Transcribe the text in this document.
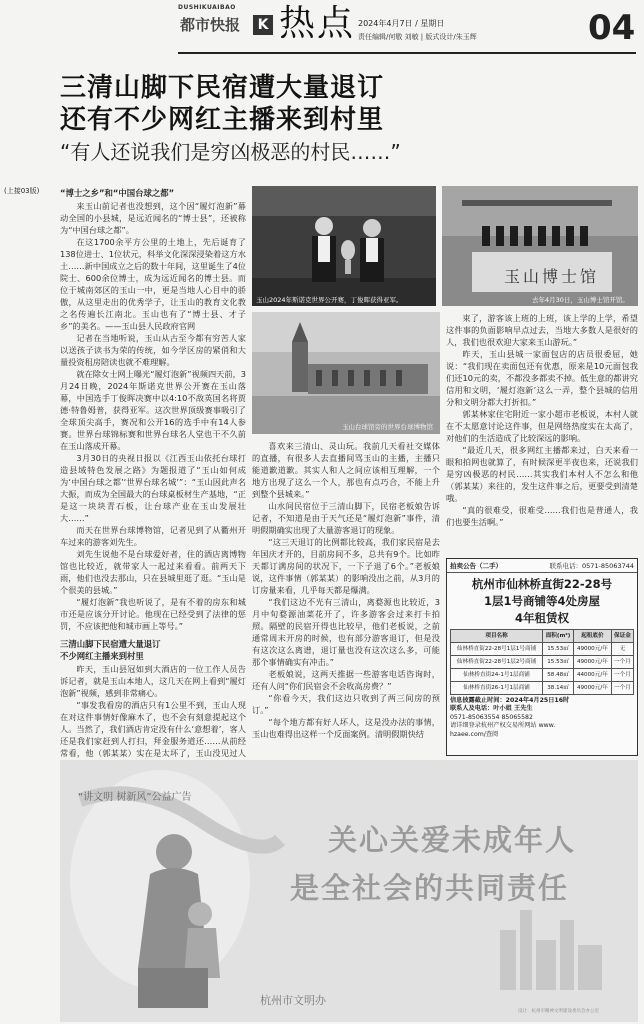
DUSHIKUAIBAO
都市快报	K 热点 2024年4月7日 / 星期日
责任编辑/何敬 刘敏 | 版式设计/朱玉辉	04
三清山脚下民宿遭大量退订
还有不少网红主播来到村里
“有人还说我们是穷凶极恶的村民……”
(上接03版) “博士之乡”和“中国台球之都”

来玉山前记者也没想到，这个因“履灯泡新”幕动全国的小县城，是远近闻名的“博士县”，还被称为“中国台球之都”。

在这1700余平方公里的土地上，先后诞育了138位进士、1位状元，科举文化深深浸染着这方水土……新中国成立之后的数十年间，这里诞生了4位院士、600余位博士，成为远近闻名的博士县。而位于城南郊区的玉山一中，更是当地人心目中的骄傲，从这里走出的优秀学子，让玉山的教育文化教之名传遍长江南北。玉山也有了“博士县、才子乡”的美名。——玉山县人民政府官网

记者在当地听说，玉山从古至今都有穷苦人家以送孩子读书为荣的传统，如今学区房的紧俏和大量投资租房陪读也就不难理解。

就在除女士网上曝光“履灯泡新”视频四天前，3月24日晚，2024年斯诺克世界公开赛在玉山落幕，中国选手丁俊晖决赛中以4:10不敌英国名将贾德·特鲁姆普，获得亚军。这次世界顶级赛事吸引了全球顶尖高手，赛况和公开16的选手中有14人参赛。世界台球锦标赛和世界台球名人堂也干不久前在玉山落成开幕。

3月30日的央视日报以《江西玉山依托台球打造县域特色发展之路》为题报道了“玉山如何成为‘中国台球之都’‘世界台球名城’”：“玉山因此声名大振，而成为全国最大的台球桌板材生产基地，“正是这一块块青石板，让台球产业在玉山发展壮大……”

而天在世界台球博物馆，记者见到了从衢州开车过来的游客刘先生。

刘先生说他不是台球爱好者，住的酒店离博物馆也比较近，就带家人一起过来看看。前两天下雨，他们也没去那山，只在县城里逛了逛。“玉山是个很美的县城。”

“履灯泡新”我也听说了，是有不着的房东和城市还是应该分开讨论。他现在已经受到了法律的惩罚，不应该把他和城市画上等号。”

三清山脚下民宿遭大量退订
不少网红主播来到村里

昨天，玉山县冠如到大酒店的一位工作人员告诉记者，就是玉山本地人，这几天在网上看到“履灯泡新”视频，感到非常痛心。

“事发我看房的酒店只有1公里不到，玉山人现在对这件事情好像麻木了，也不会有刻意提起这个人。当然了，我们酒店肯定没有什么‘意想着’，客人还是我们家赶到人打扫，拜金服务道还……从前经常看，他（郭某某）实在是太坏了，玉山没见过人

玉山2024年斯诺克世界公开赛，丁俊晖获得亚军。
玉山博士馆
去年4月30日，玉山博士馆开馆。
玉山台球馆旁的世界台球博物馆

喜欢来三清山、灵山玩。我前几天看社交媒体的直播，有很多人去直播间骂玉山的主播，主播只能道歉道歉。其实人和人之间应该相互理解，一个地方出现了这么一个人，那也有点巧合，不能上升到整个县城来。”

山水间民宿位于三清山脚下，民宿老板娘告诉记者，不知道是由于天气还是“履灯泡新”事件，清明假期确实出现了大量游客退订的现象。

“这三天退订的比例都比较高，我们家民宿是去年国庆才开的，目前房间不多，总共有9个。比如昨天都订满房间的状况下，一下子退了6个。”老板娘说，这件事情（郭某某）的影响没出之前，从3月的订房量来看，几乎每天都是爆满。

“我们这边不光有三清山，离婺源也比较近，3月中旬婺源油菜花开了，许多游客会过来打卡拍照。隔壁的民宿开得也比较早，他们老板说，之前通常周末开房的时候，也有部分游客退订，但是没有这次这么离谱，退订量也没有这次这么多，可能那个事情确实有冲击。”

老板娘说，这两天推据一些游客电话咨询时，还有人问“你们民宿会不会收高房费？”

“你看今天，我们这边只收到了两三间房的预订。”

“每个地方都有好人坏人，这是没办法的事情，玉山也难得出这样一个反面案例。清明假期快结

束了，游客该上班的上班，该上学的上学，希望这件事的负面影响早点过去，当地大多数人是很好的人，我们也很欢迎大家来玉山游玩。”

昨天，玉山县城一家面包店的店员很委屈，她说：“我们现在卖面包还有优惠，原来是10元面包我们还10元的卖，不都没多都卖不掉。低生意的都讲究信用和文明，‘履灯泡新’这么一弄，整个县城的信用分和文明分都大打折扣。”

郭某林家住宅附近一家小超市老板说，本村人就在不太愿意讨论这件事，但是网络热度实在太高了，对他们的生活造成了比较深远的影响。

“最近几天，很多网红主播都来过，白天来看一眼和拍网也就算了，有时候深更半夜也来，还说我们是穷凶极恶的村民……其实我们本村人不怎么和他（郭某某）来往的，发生这件事之后，更要受到清楚哦。

“真的很难受，很难受……我们也是普通人，我们也要生活啊。”

拍卖公告（二手）	联系电话：0571-85063744
杭州市仙林桥直街22-28号
1层1号商铺等4处房屋
4年租赁权
项目名称	面积(m²)	起租底价	保证金
仙林桥直街22-28号1层1号商铺	15.53㎡	49000元/年	无
仙林桥直街22-28号1层2号商铺	15.53㎡	49000元/年	一个月
仙林桥直街24-1号1层商铺	58.48㎡	44000元/年	一个月
仙林桥直街26-1号1层商铺	38.14㎡	49000元/年	一个月
信息披露截止时间：2024年4月25日16时
联系人及电话：叶小姐 王先生
0571-85063554 85065582
请详细登录杭州产权交易所网站 www.
hzaee.com/查阅
“讲文明 树新风”公益广告
关心关爱未成年人
是全社会的共同责任
杭州市文明办
设计：杭州市精神文明建设委员会办公室
